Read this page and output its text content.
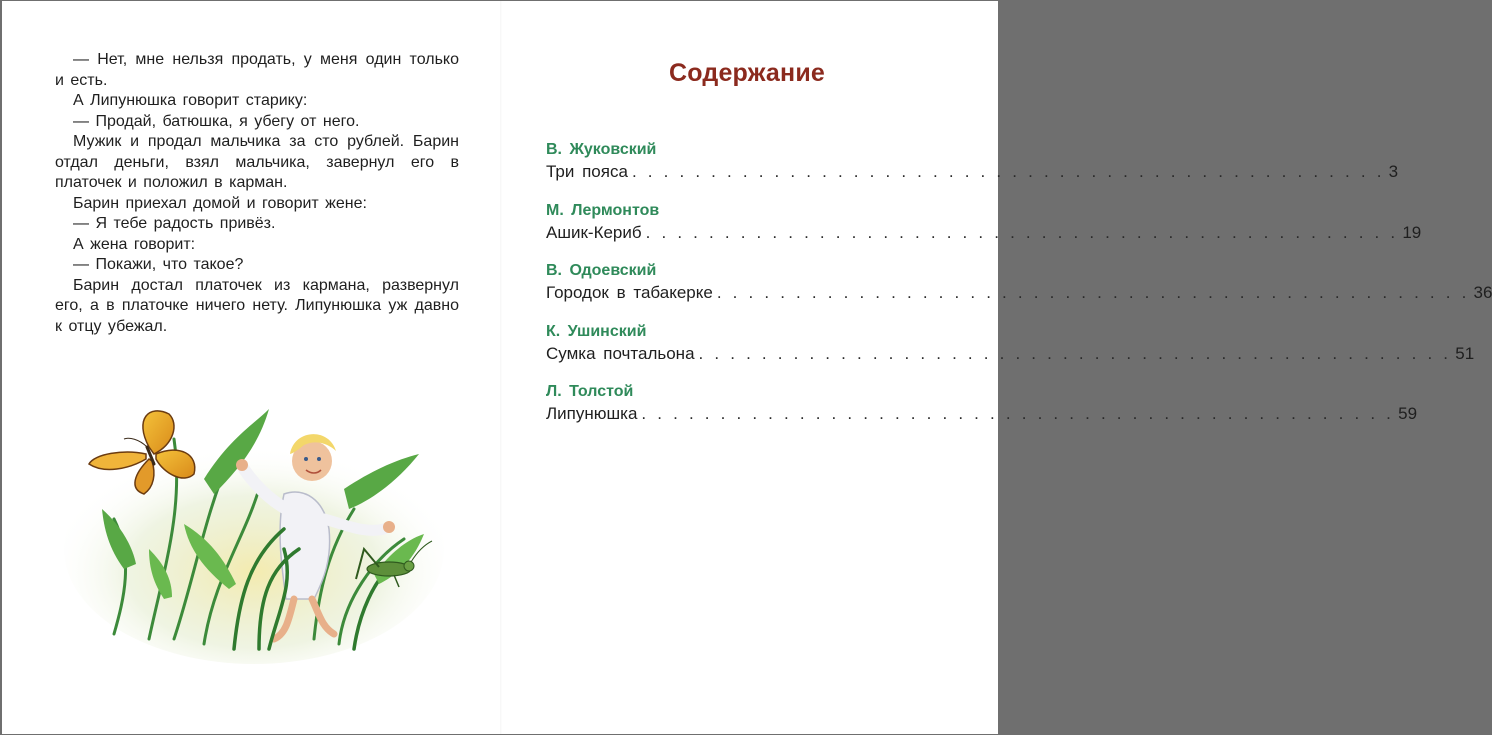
— Нет, мне нельзя продать, у меня один только и есть.

А Липунюшка говорит старику:

— Продай, батюшка, я убегу от него.

Мужик и продал мальчика за сто рублей. Барин отдал деньги, взял мальчика, завернул его в платочек и положил в карман.

Барин приехал домой и говорит жене:

— Я тебе радость привёз.

А жена говорит:

— Покажи, что такое?

Барин достал платочек из кармана, развернул его, а в платочке ничего нету. Липунюшка уж давно к отцу убежал.

Содержание
В. Жуковский
Три пояса . . . . . . . . . . . . . . . . . . . . . . . . . . . . . . . . . . . . . . . . . . . . . . . . 3
М. Лермонтов
Ашик-Кериб . . . . . . . . . . . . . . . . . . . . . . . . . . . . . . . . . . . . . . . . . . . . . . . . 19
В. Одоевский
Городок в табакерке . . . . . . . . . . . . . . . . . . . . . . . . . . . . . . . . . . . . . . . . . . . . . . . . 36
К. Ушинский
Сумка почтальона . . . . . . . . . . . . . . . . . . . . . . . . . . . . . . . . . . . . . . . . . . . . . . . . 51
Л. Толстой
Липунюшка . . . . . . . . . . . . . . . . . . . . . . . . . . . . . . . . . . . . . . . . . . . . . . . . 59
